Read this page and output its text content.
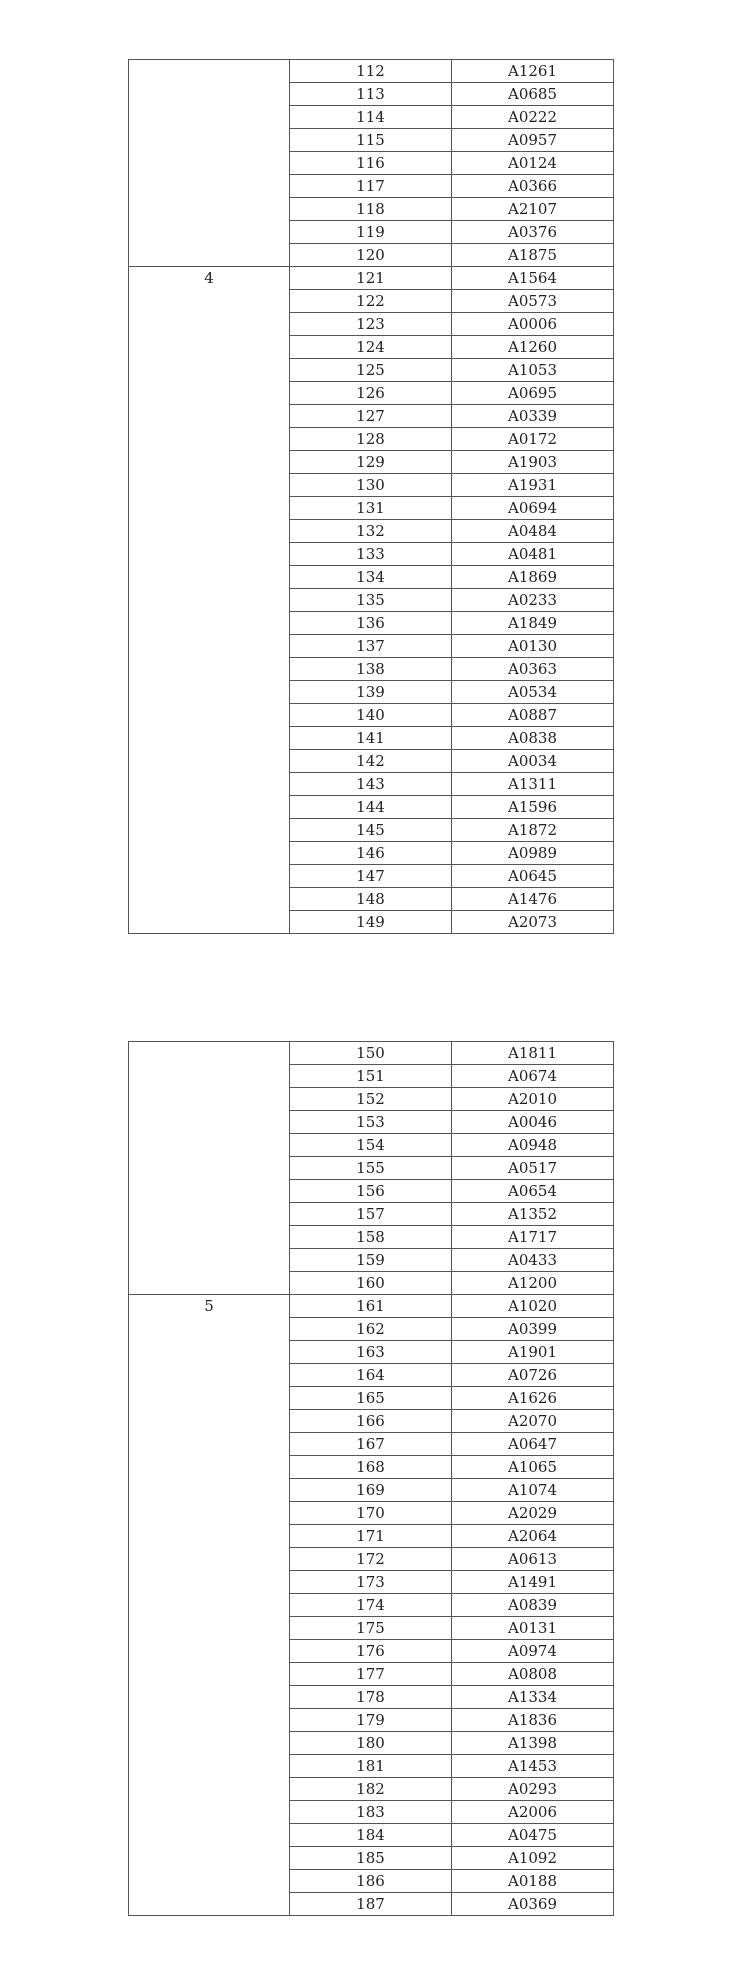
	112	A1261
	113	A0685
	114	A0222
	115	A0957
	116	A0124
	117	A0366
	118	A2107
	119	A0376
	120	A1875
4	121	A1564
	122	A0573
	123	A0006
	124	A1260
	125	A1053
	126	A0695
	127	A0339
	128	A0172
	129	A1903
	130	A1931
	131	A0694
	132	A0484
	133	A0481
	134	A1869
	135	A0233
	136	A1849
	137	A0130
	138	A0363
	139	A0534
	140	A0887
	141	A0838
	142	A0034
	143	A1311
	144	A1596
	145	A1872
	146	A0989
	147	A0645
	148	A1476
	149	A2073
	150	A1811
	151	A0674
	152	A2010
	153	A0046
	154	A0948
	155	A0517
	156	A0654
	157	A1352
	158	A1717
	159	A0433
	160	A1200
5	161	A1020
	162	A0399
	163	A1901
	164	A0726
	165	A1626
	166	A2070
	167	A0647
	168	A1065
	169	A1074
	170	A2029
	171	A2064
	172	A0613
	173	A1491
	174	A0839
	175	A0131
	176	A0974
	177	A0808
	178	A1334
	179	A1836
	180	A1398
	181	A1453
	182	A0293
	183	A2006
	184	A0475
	185	A1092
	186	A0188
	187	A0369
